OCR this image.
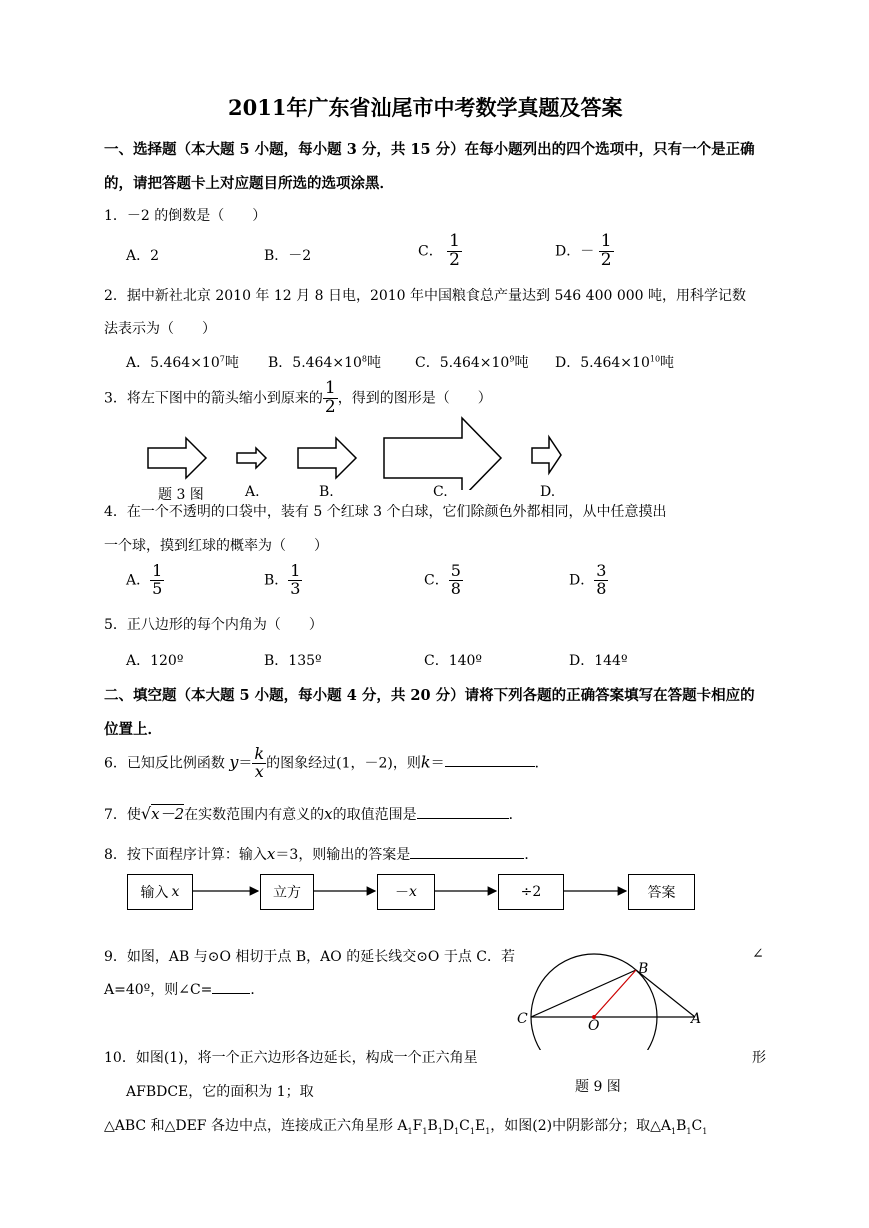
2011年广东省汕尾市中考数学真题及答案
一、选择题（本大题 5 小题，每小题 3 分，共 15 分）在每小题列出的四个选项中，只有一个是正确
的，请把答题卡上对应题目所选的选项涂黑．
1．－2 的倒数是（　　）
A．2	B．－2	C． $\frac{1}{2}$	D．－ $\frac{1}{2}$
2．据中新社北京 2010 年 12 月 8 日电，2010 年中国粮食总产量达到 546 400 000 吨，用科学记数
法表示为（　　）
A．$5.464\times 10^7$吨 B．$5.464\times 10^8$吨 C．$5.464\times 10^9$吨 D．$5.464\times 10^{10}$吨
3．将左下图中的箭头缩小到原来的 $\frac{1}{2}$ ，得到的图形是（　　）
题 3 图	A.	B.	C.	D.
4．在一个不透明的口袋中，装有 5 个红球 3 个白球，它们除颜色外都相同，从中任意摸出
一个球，摸到红球的概率为（　　）
A． $\frac{1}{5}$	B． $\frac{1}{3}$	C． $\frac{5}{8}$	D． $\frac{3}{8}$
5．正八边形的每个内角为（　　）
A．120º	B．135º	C．140º	D．144º
二、填空题（本大题 5 小题，每小题 4 分，共 20 分）请将下列各题的正确答案填写在答题卡相应的
位置上．
6．已知反比例函数 $y= \frac{k}{x}$ 的图象经过(1，－2)，则k＝	．
7．使√x－2在实数范围内有意义的x的取值范围是	．
8．按下面程序计算：输入x＝3，则输出的答案是	．
输入 x	立方	－ x	÷2	答案
9．如图，AB 与⊙O 相切于点 B，AO 的延长线交⊙O 于点 C．若	∠
A=40º，则∠C=	．
B
C	O	A
题 9 图
10．如图(1)，将一个正六边形各边延长，构成一个正六角星	形
AFBDCE，它的面积为 1；取
△ABC 和△DEF 各边中点，连接成正六角星形 $A_1F_1B_1D_1C_1E_1$，如图(2)中阴影部分；取$\triangle A_1B_1C_1$
